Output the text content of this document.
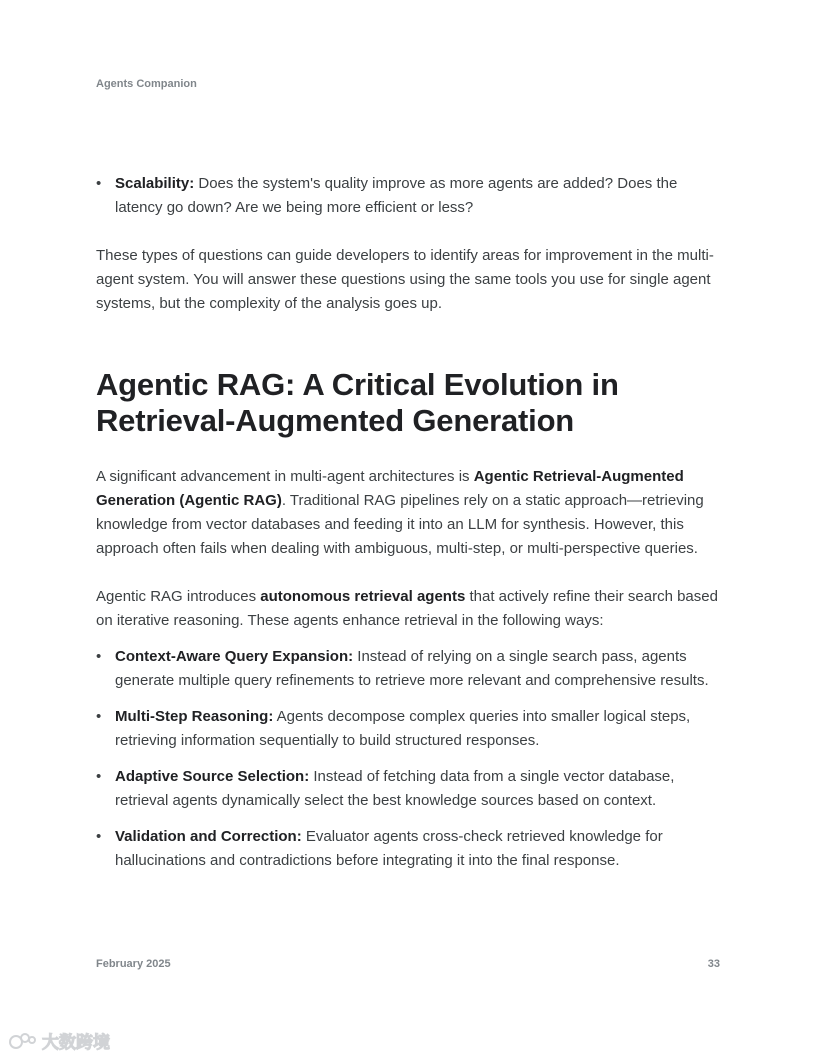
Agents Companion
• Scalability: Does the system's quality improve as more agents are added? Does the latency go down? Are we being more efficient or less?

These types of questions can guide developers to identify areas for improvement in the multi-agent system. You will answer these questions using the same tools you use for single agent systems, but the complexity of the analysis goes up.

Agentic RAG: A Critical Evolution in Retrieval-Augmented Generation

A significant advancement in multi-agent architectures is Agentic Retrieval-Augmented Generation (Agentic RAG). Traditional RAG pipelines rely on a static approach—retrieving knowledge from vector databases and feeding it into an LLM for synthesis. However, this approach often fails when dealing with ambiguous, multi-step, or multi-perspective queries.

Agentic RAG introduces autonomous retrieval agents that actively refine their search based on iterative reasoning. These agents enhance retrieval in the following ways:

• Context-Aware Query Expansion: Instead of relying on a single search pass, agents generate multiple query refinements to retrieve more relevant and comprehensive results.
• Multi-Step Reasoning: Agents decompose complex queries into smaller logical steps, retrieving information sequentially to build structured responses.
• Adaptive Source Selection: Instead of fetching data from a single vector database, retrieval agents dynamically select the best knowledge sources based on context.
• Validation and Correction: Evaluator agents cross-check retrieved knowledge for hallucinations and contradictions before integrating it into the final response.
February 2025	33
大数跨境
